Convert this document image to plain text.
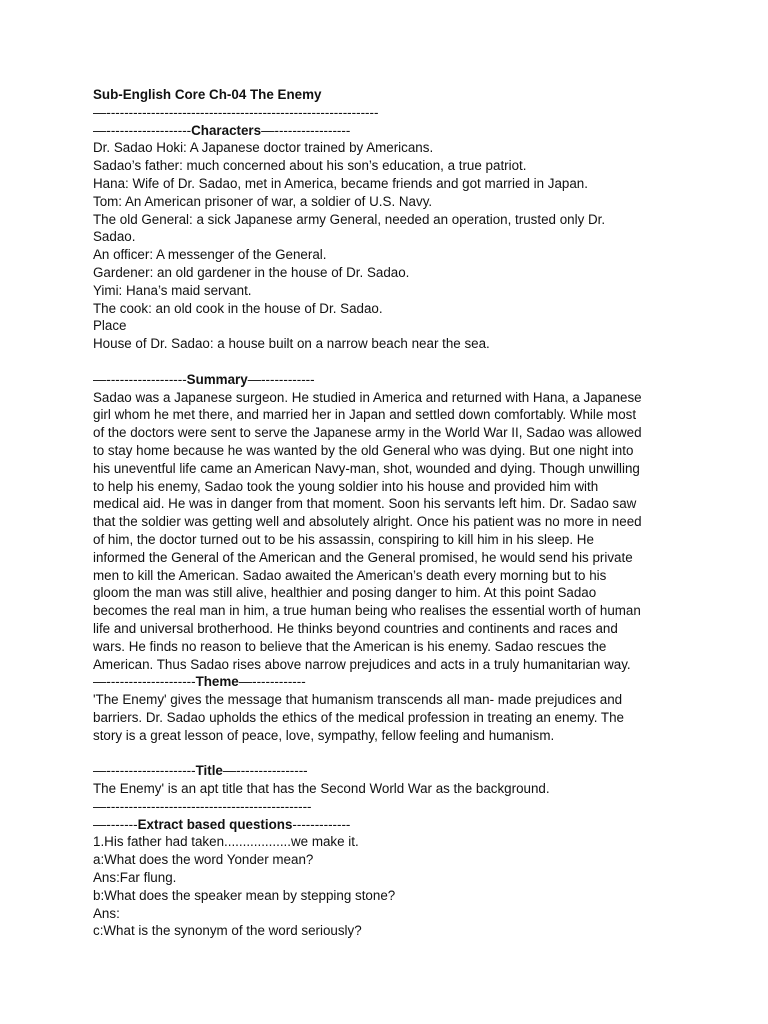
Sub-English Core Ch-04 The Enemy
—-------------------------------------------------------------
—-------------------Characters—-----------------
Dr. Sadao Hoki: A Japanese doctor trained by Americans.
Sadao’s father: much concerned about his son’s education, a true patriot.
Hana: Wife of Dr. Sadao, met in America, became friends and got married in Japan.
Tom: An American prisoner of war, a soldier of U.S. Navy.
The old General: a sick Japanese army General, needed an operation, trusted only Dr.
Sadao.
An officer: A messenger of the General.
Gardener: an old gardener in the house of Dr. Sadao.
Yimi: Hana’s maid servant.
The cook: an old cook in the house of Dr. Sadao.
Place
House of Dr. Sadao: a house built on a narrow beach near the sea.
—------------------Summary—------------
Sadao was a Japanese surgeon. He studied in America and returned with Hana, a Japanese
girl whom he met there, and married her in Japan and settled down comfortably. While most
of the doctors were sent to serve the Japanese army in the World War II, Sadao was allowed
to stay home because he was wanted by the old General who was dying. But one night into
his uneventful life came an American Navy-man, shot, wounded and dying. Though unwilling
to help his enemy, Sadao took the young soldier into his house and provided him with
medical aid. He was in danger from that moment. Soon his servants left him. Dr. Sadao saw
that the soldier was getting well and absolutely alright. Once his patient was no more in need
of him, the doctor turned out to be his assassin, conspiring to kill him in his sleep. He
informed the General of the American and the General promised, he would send his private
men to kill the American. Sadao awaited the American’s death every morning but to his
gloom the man was still alive, healthier and posing danger to him. At this point Sadao
becomes the real man in him, a true human being who realises the essential worth of human
life and universal brotherhood. He thinks beyond countries and continents and races and
wars. He finds no reason to believe that the American is his enemy. Sadao rescues the
American. Thus Sadao rises above narrow prejudices and acts in a truly humanitarian way.
—--------------------Theme—------------
'The Enemy' gives the message that humanism transcends all man- made prejudices and
barriers. Dr. Sadao upholds the ethics of the medical profession in treating an enemy. The
story is a great lesson of peace, love, sympathy, fellow feeling and humanism.
—--------------------Title—----------------
The Enemy' is an apt title that has the Second World War as the background.
—----------------------------------------------
—-------Extract based questions-------------
1.His father had taken..................we make it.
a:What does the word Yonder mean?
Ans:Far flung.
b:What does the speaker mean by stepping stone?
Ans:
c:What is the synonym of the word seriously?
